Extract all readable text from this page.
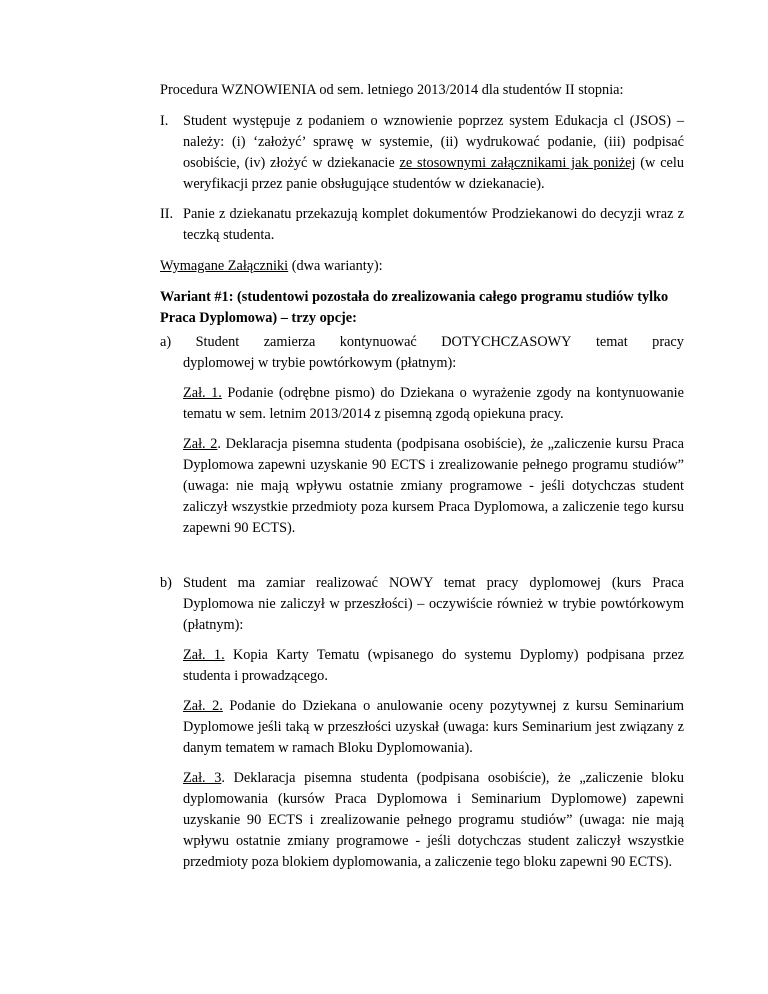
Procedura WZNOWIENIA od sem. letniego 2013/2014 dla studentów II stopnia:

I. Student występuje z podaniem o wznowienie poprzez system Edukacja cl (JSOS) – należy: (i) ‘założyć’ sprawę w systemie, (ii) wydrukować podanie, (iii) podpisać osobiście, (iv) złożyć w dziekanacie ze stosownymi załącznikami jak poniżej (w celu weryfikacji przez panie obsługujące studentów w dziekanacie).
II. Panie z dziekanatu przekazują komplet dokumentów Prodziekanowi do decyzji wraz z teczką studenta.

Wymagane Załączniki (dwa warianty):

Wariant #1: (studentowi pozostała do zrealizowania całego programu studiów tylko Praca Dyplomowa) – trzy opcje:

a) Student zamierza kontynuować DOTYCHCZASOWY temat pracy

dyplomowej w trybie powtórkowym (płatnym):

Zał. 1. Podanie (odrębne pismo) do Dziekana o wyrażenie zgody na kontynuowanie tematu w sem. letnim 2013/2014 z pisemną zgodą opiekuna pracy.

Zał. 2. Deklaracja pisemna studenta (podpisana osobiście), że „zaliczenie kursu Praca Dyplomowa zapewni uzyskanie 90 ECTS i zrealizowanie pełnego programu studiów” (uwaga: nie mają wpływu ostatnie zmiany programowe - jeśli dotychczas student zaliczył wszystkie przedmioty poza kursem Praca Dyplomowa, a zaliczenie tego kursu zapewni 90 ECTS).

b) Student ma zamiar realizować NOWY temat pracy dyplomowej (kurs Praca Dyplomowa nie zaliczył w przeszłości) – oczywiście również w trybie powtórkowym (płatnym):

Zał. 1. Kopia Karty Tematu (wpisanego do systemu Dyplomy) podpisana przez studenta i prowadzącego.

Zał. 2. Podanie do Dziekana o anulowanie oceny pozytywnej z kursu Seminarium Dyplomowe jeśli taką w przeszłości uzyskał (uwaga: kurs Seminarium jest związany z danym tematem w ramach Bloku Dyplomowania).

Zał. 3. Deklaracja pisemna studenta (podpisana osobiście), że „zaliczenie bloku dyplomowania (kursów Praca Dyplomowa i Seminarium Dyplomowe) zapewni uzyskanie 90 ECTS i zrealizowanie pełnego programu studiów” (uwaga: nie mają wpływu ostatnie zmiany programowe - jeśli dotychczas student zaliczył wszystkie przedmioty poza blokiem dyplomowania, a zaliczenie tego bloku zapewni 90 ECTS).
